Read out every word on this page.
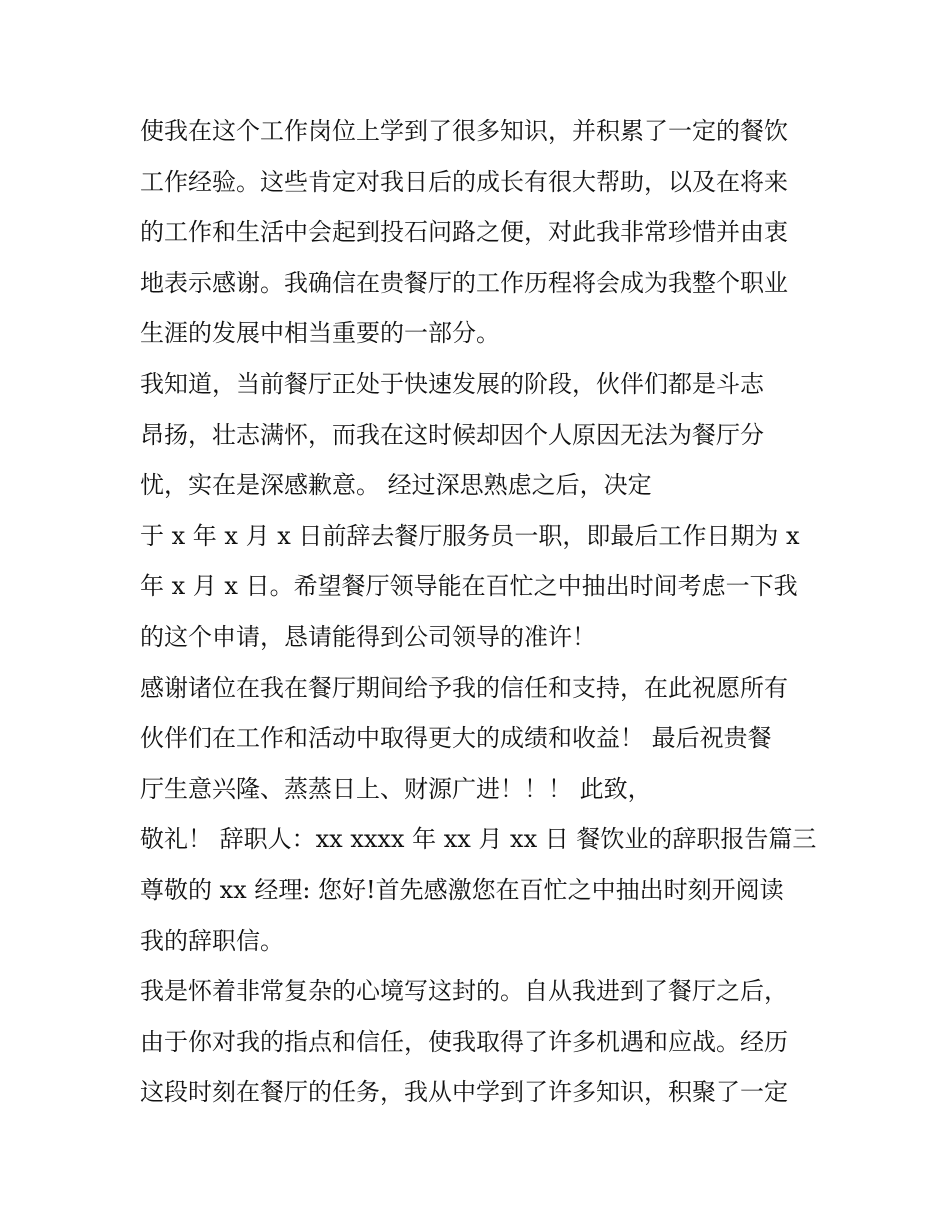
使我在这个工作岗位上学到了很多知识，并积累了一定的餐饮
工作经验。这些肯定对我日后的成长有很大帮助，以及在将来
的工作和生活中会起到投石问路之便，对此我非常珍惜并由衷
地表示感谢。我确信在贵餐厅的工作历程将会成为我整个职业
生涯的发展中相当重要的一部分。
我知道，当前餐厅正处于快速发展的阶段，伙伴们都是斗志
昂扬，壮志满怀，而我在这时候却因个人原因无法为餐厅分
忧，实在是深感歉意。 经过深思熟虑之后，决定
于 x 年 x 月 x 日前辞去餐厅服务员一职，即最后工作日期为 x
年 x 月 x 日。希望餐厅领导能在百忙之中抽出时间考虑一下我
的这个申请，恳请能得到公司领导的准许！
感谢诸位在我在餐厅期间给予我的信任和支持，在此祝愿所有
伙伴们在工作和活动中取得更大的成绩和收益！ 最后祝贵餐
厅生意兴隆、蒸蒸日上、财源广进！！！ 此致，
敬礼！ 辞职人：xx xxxx 年 xx 月 xx 日 餐饮业的辞职报告篇三
尊敬的 xx 经理: 您好!首先感激您在百忙之中抽出时刻开阅读
我的辞职信。
我是怀着非常复杂的心境写这封的。自从我进到了餐厅之后，
由于你对我的指点和信任，使我取得了许多机遇和应战。经历
这段时刻在餐厅的任务，我从中学到了许多知识，积聚了一定
